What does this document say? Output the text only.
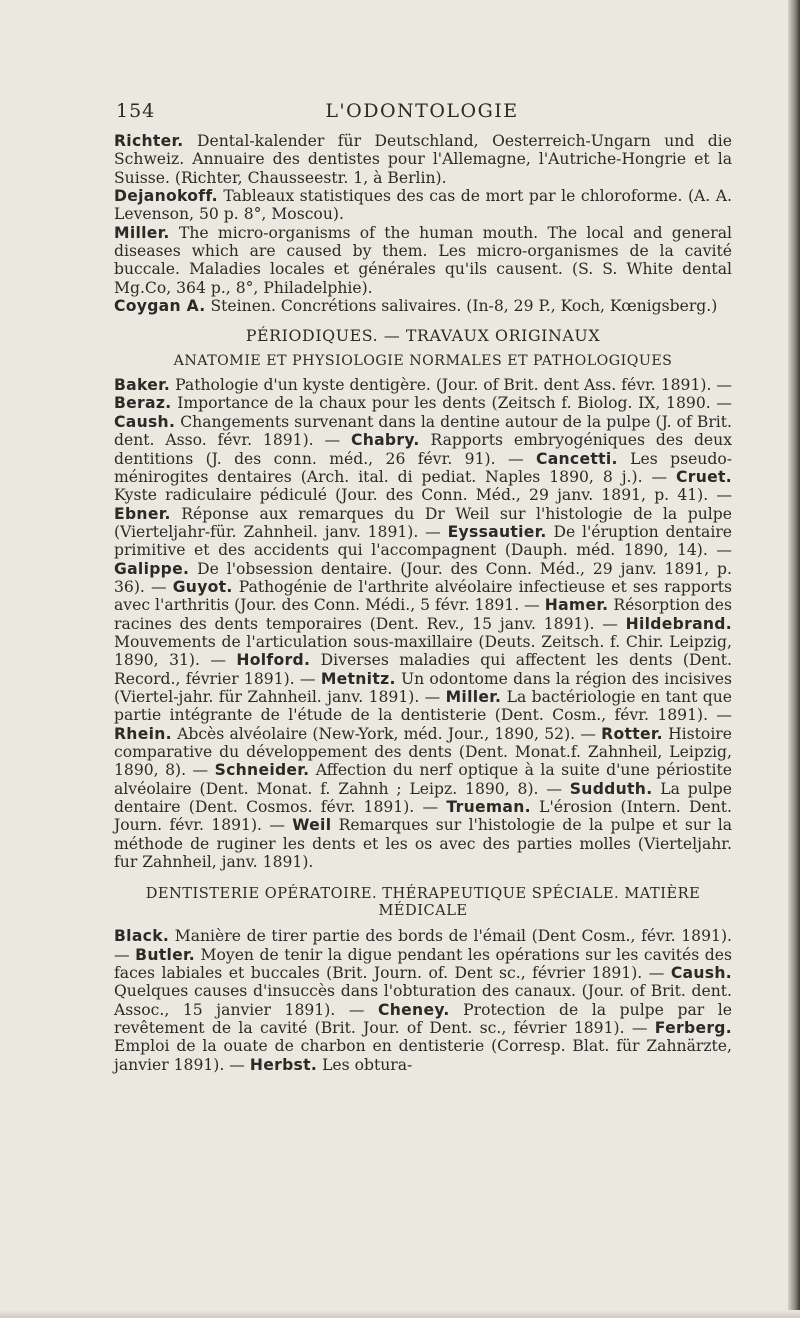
154	L'ODONTOLOGIE

Richter. Dental-kalender für Deutschland, Oesterreich-Ungarn und die Schweiz. Annuaire des dentistes pour l'Allemagne, l'Autriche-Hongrie et la Suisse. (Richter, Chausseestr. 1, à Berlin).

Dejanokoff. Tableaux statistiques des cas de mort par le chloroforme. (A. A. Levenson, 50 p. 8°, Moscou).

Miller. The micro-organisms of the human mouth. The local and general diseases which are caused by them. Les micro-organismes de la cavité buccale. Maladies locales et générales qu'ils causent. (S. S. White dental Mg.Co, 364 p., 8°, Philadelphie).

Coygan A. Steinen. Concrétions salivaires. (In-8, 29 P., Koch, Kœnigsberg.)

PÉRIODIQUES. — TRAVAUX ORIGINAUX
ANATOMIE ET PHYSIOLOGIE NORMALES ET PATHOLOGIQUES

Baker. Pathologie d'un kyste dentigère. (Jour. of Brit. dent Ass. févr. 1891). — Beraz. Importance de la chaux pour les dents (Zeitsch f. Biolog. IX, 1890. — Caush. Changements survenant dans la dentine autour de la pulpe (J. of Brit. dent. Asso. févr. 1891). — Chabry. Rapports embryogéniques des deux dentitions (J. des conn. méd., 26 févr. 91). — Cancetti. Les pseudo-ménirogites dentaires (Arch. ital. di pediat. Naples 1890, 8 j.). — Cruet. Kyste radiculaire pédiculé (Jour. des Conn. Méd., 29 janv. 1891, p. 41). — Ebner. Réponse aux remarques du Dr Weil sur l'histologie de la pulpe (Vierteljahr-für. Zahnheil. janv. 1891). — Eyssautier. De l'éruption dentaire primitive et des accidents qui l'accompagnent (Dauph. méd. 1890, 14). — Galippe. De l'obsession dentaire. (Jour. des Conn. Méd., 29 janv. 1891, p. 36). — Guyot. Pathogénie de l'arthrite alvéolaire infectieuse et ses rapports avec l'arthritis (Jour. des Conn. Médi., 5 févr. 1891. — Hamer. Résorption des racines des dents temporaires (Dent. Rev., 15 janv. 1891). — Hildebrand. Mouvements de l'articulation sous-maxillaire (Deuts. Zeitsch. f. Chir. Leipzig, 1890, 31). — Holford. Diverses maladies qui affectent les dents (Dent. Record., février 1891). — Metnitz. Un odontome dans la région des incisives (Viertel-jahr. für Zahnheil. janv. 1891). — Miller. La bactériologie en tant que partie intégrante de l'étude de la dentisterie (Dent. Cosm., févr. 1891). — Rhein. Abcès alvéolaire (New-York, méd. Jour., 1890, 52). — Rotter. Histoire comparative du développement des dents (Dent. Monat.f. Zahnheil, Leipzig, 1890, 8). — Schneider. Affection du nerf optique à la suite d'une périostite alvéolaire (Dent. Monat. f. Zahnh ; Leipz. 1890, 8). — Sudduth. La pulpe dentaire (Dent. Cosmos. févr. 1891). — Trueman. L'érosion (Intern. Dent. Journ. févr. 1891). — Weil Remarques sur l'histologie de la pulpe et sur la méthode de ruginer les dents et les os avec des parties molles (Vierteljahr. fur Zahnheil, janv. 1891).

DENTISTERIE OPÉRATOIRE. THÉRAPEUTIQUE SPÉCIALE. MATIÈRE MÉDICALE

Black. Manière de tirer partie des bords de l'émail (Dent Cosm., févr. 1891). — Butler. Moyen de tenir la digue pendant les opérations sur les cavités des faces labiales et buccales (Brit. Journ. of. Dent sc., février 1891). — Caush. Quelques causes d'insuccès dans l'obturation des canaux. (Jour. of Brit. dent. Assoc., 15 janvier 1891). — Cheney. Protection de la pulpe par le revêtement de la cavité (Brit. Jour. of Dent. sc., février 1891). — Ferberg. Emploi de la ouate de charbon en dentisterie (Corresp. Blat. für Zahnärzte, janvier 1891). — Herbst. Les obtura-
